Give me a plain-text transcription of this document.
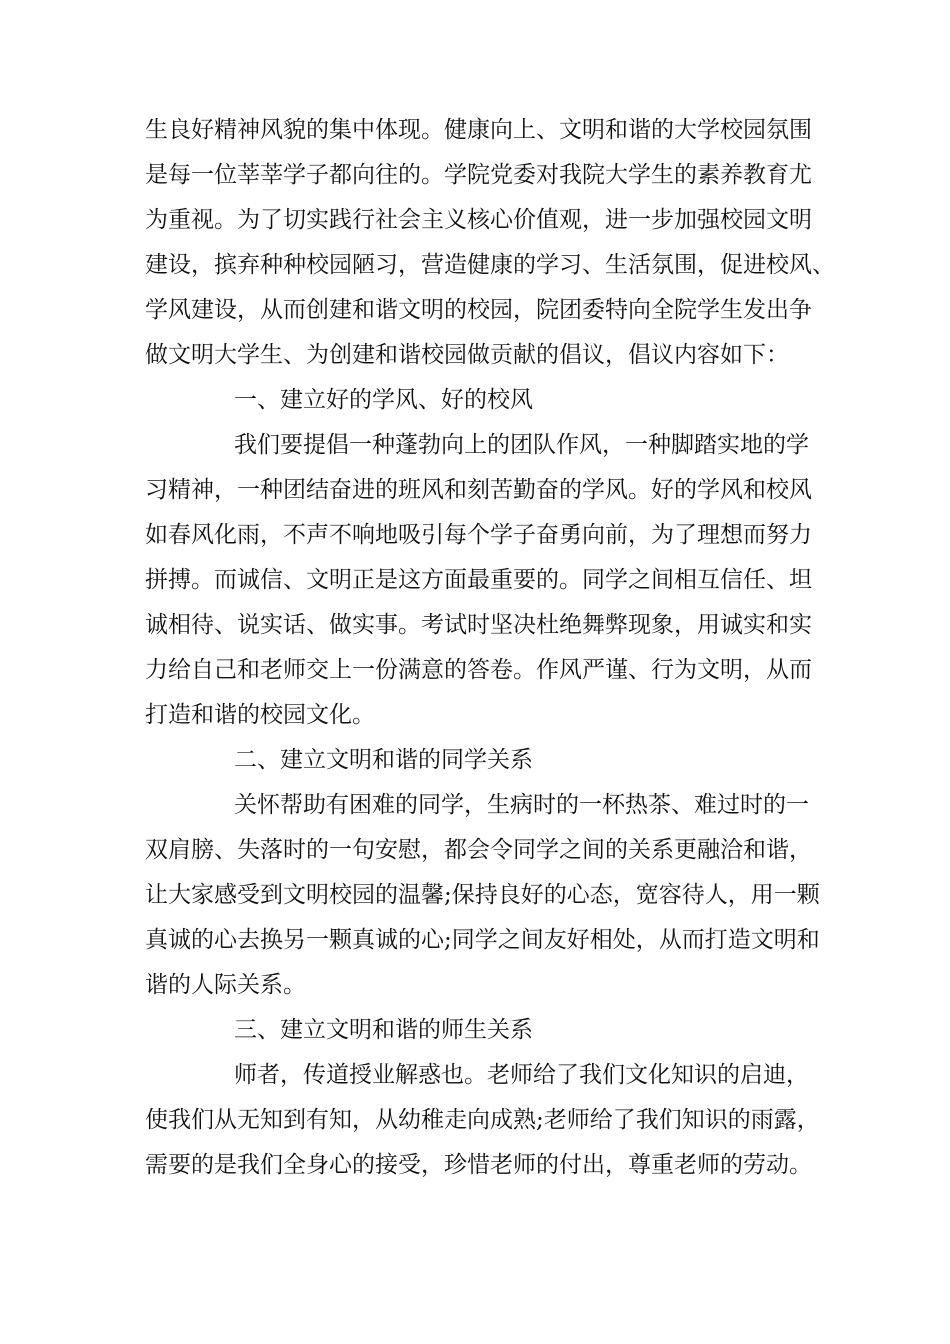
生良好精神风貌的集中体现。健康向上、文明和谐的大学校园氛围
是每一位莘莘学子都向往的。学院党委对我院大学生的素养教育尤
为重视。为了切实践行社会主义核心价值观，进一步加强校园文明
建设，摈弃种种校园陋习，营造健康的学习、生活氛围，促进校风、
学风建设，从而创建和谐文明的校园，院团委特向全院学生发出争
做文明大学生、为创建和谐校园做贡献的倡议，倡议内容如下：
一、建立好的学风、好的校风
我们要提倡一种蓬勃向上的团队作风，一种脚踏实地的学
习精神，一种团结奋进的班风和刻苦勤奋的学风。好的学风和校风
如春风化雨，不声不响地吸引每个学子奋勇向前，为了理想而努力
拼搏。而诚信、文明正是这方面最重要的。同学之间相互信任、坦
诚相待、说实话、做实事。考试时坚决杜绝舞弊现象，用诚实和实
力给自己和老师交上一份满意的答卷。作风严谨、行为文明，从而
打造和谐的校园文化。
二、建立文明和谐的同学关系
关怀帮助有困难的同学，生病时的一杯热茶、难过时的一
双肩膀、失落时的一句安慰，都会令同学之间的关系更融洽和谐，
让大家感受到文明校园的温馨;保持良好的心态，宽容待人，用一颗
真诚的心去换另一颗真诚的心;同学之间友好相处，从而打造文明和
谐的人际关系。
三、建立文明和谐的师生关系
师者，传道授业解惑也。老师给了我们文化知识的启迪，
使我们从无知到有知，从幼稚走向成熟;老师给了我们知识的雨露，
需要的是我们全身心的接受，珍惜老师的付出，尊重老师的劳动。
